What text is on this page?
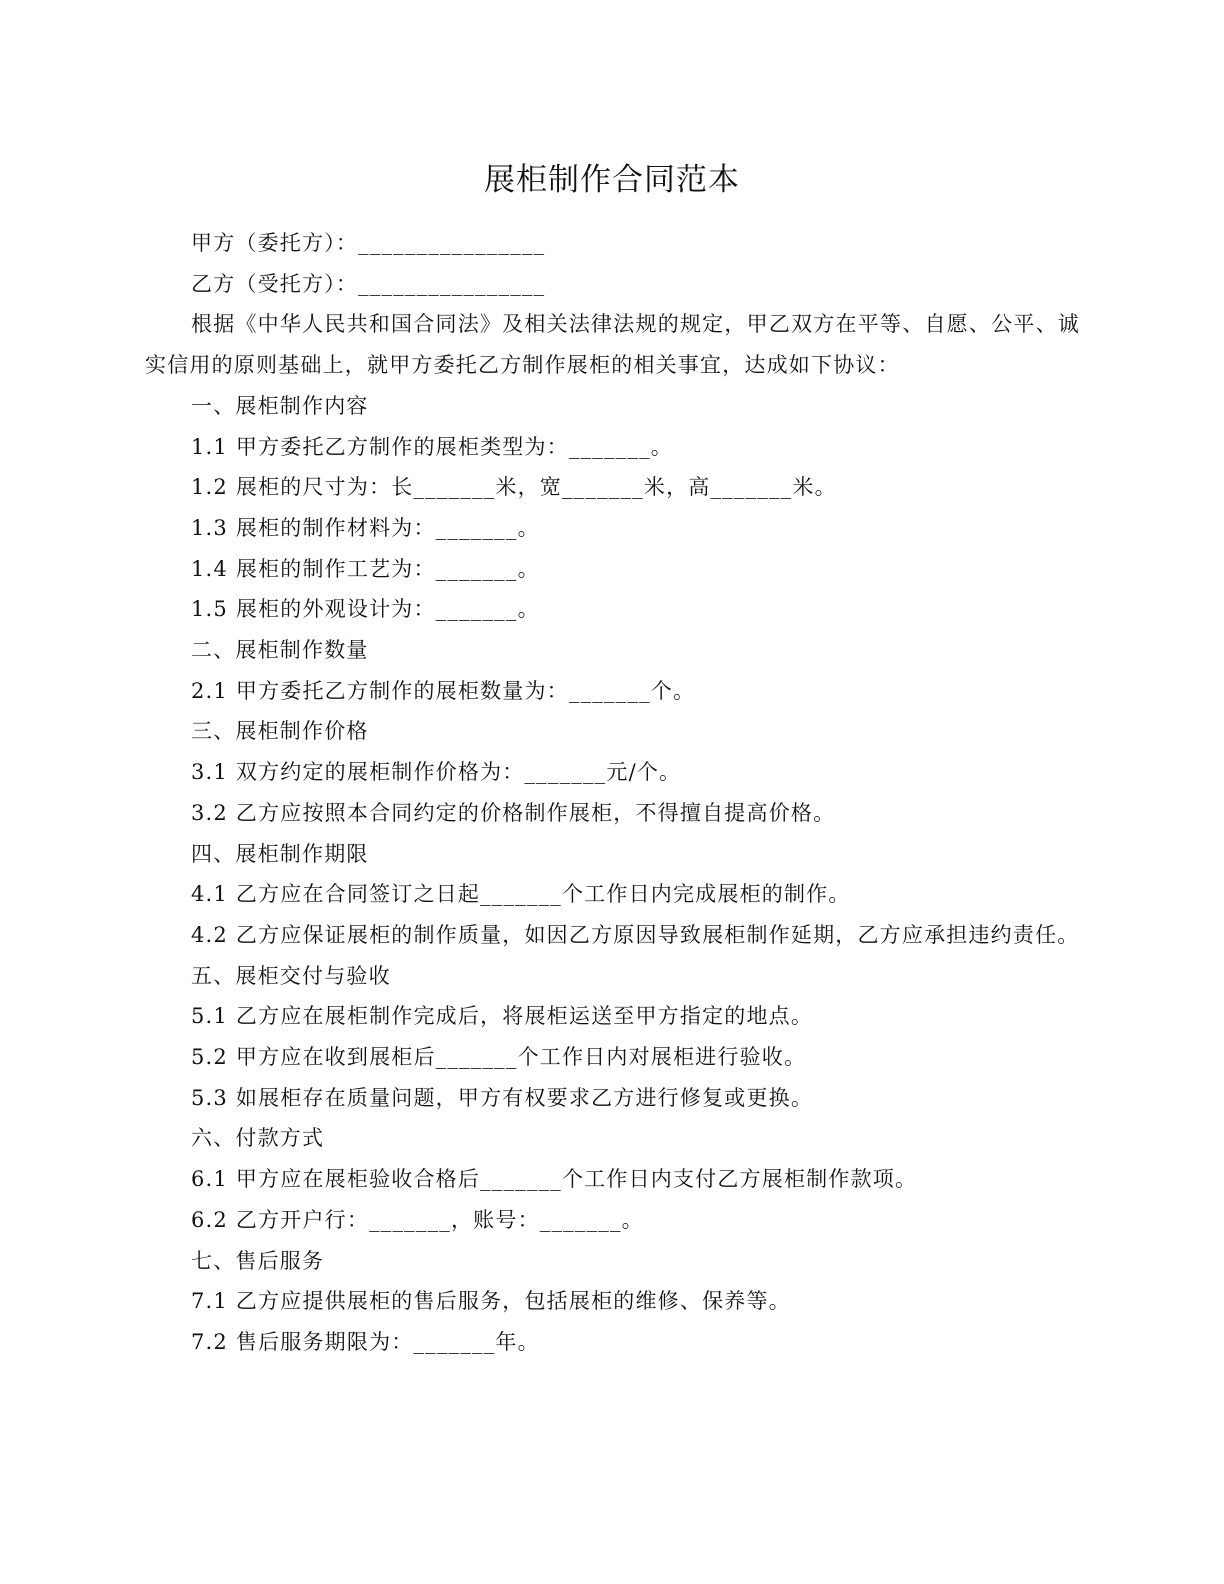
展柜制作合同范本

甲方（委托方）：________________

乙方（受托方）：________________

根据《中华人民共和国合同法》及相关法律法规的规定，甲乙双方在平等、自愿、公平、诚实信用的原则基础上，就甲方委托乙方制作展柜的相关事宜，达成如下协议：

一、展柜制作内容

1.1 甲方委托乙方制作的展柜类型为：_______。

1.2 展柜的尺寸为：长_______米，宽_______米，高_______米。

1.3 展柜的制作材料为：_______。

1.4 展柜的制作工艺为：_______。

1.5 展柜的外观设计为：_______。

二、展柜制作数量

2.1 甲方委托乙方制作的展柜数量为：_______个。

三、展柜制作价格

3.1 双方约定的展柜制作价格为：_______元/个。

3.2 乙方应按照本合同约定的价格制作展柜，不得擅自提高价格。

四、展柜制作期限

4.1 乙方应在合同签订之日起_______个工作日内完成展柜的制作。

4.2 乙方应保证展柜的制作质量，如因乙方原因导致展柜制作延期，乙方应承担违约责任。

五、展柜交付与验收

5.1 乙方应在展柜制作完成后，将展柜运送至甲方指定的地点。

5.2 甲方应在收到展柜后_______个工作日内对展柜进行验收。

5.3 如展柜存在质量问题，甲方有权要求乙方进行修复或更换。

六、付款方式

6.1 甲方应在展柜验收合格后_______个工作日内支付乙方展柜制作款项。

6.2 乙方开户行：_______，账号：_______。

七、售后服务

7.1 乙方应提供展柜的售后服务，包括展柜的维修、保养等。

7.2 售后服务期限为：_______年。
